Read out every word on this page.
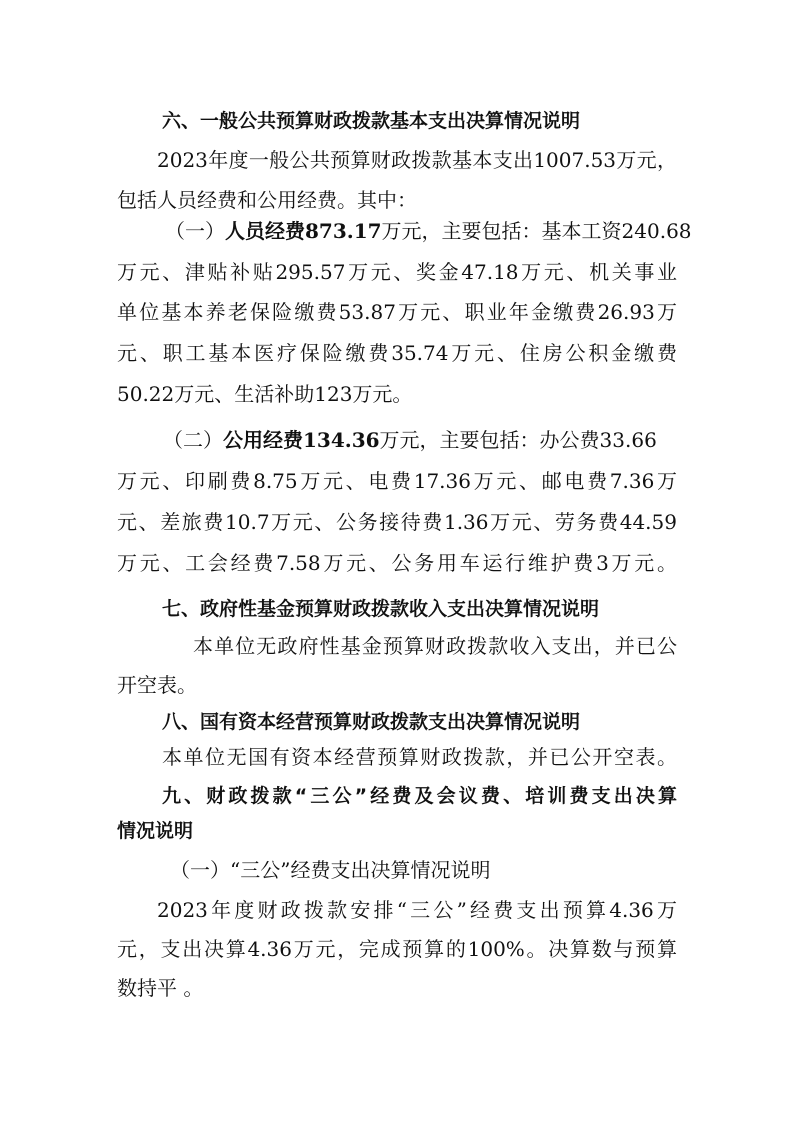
六、一般公共预算财政拨款基本支出决算情况说明
2023年度一般公共预算财政拨款基本支出1007.53万元，
包括人员经费和公用经费。其中：
（一）人员经费873.17万元，主要包括：基本工资240.68
万元、津贴补贴295.57万元、奖金47.18万元、机关事业
单位基本养老保险缴费53.87万元、职业年金缴费26.93万
元、职工基本医疗保险缴费35.74万元、住房公积金缴费
50.22万元、生活补助123万元。
（二）公用经费134.36万元，主要包括：办公费33.66
万元、印刷费8.75万元、电费17.36万元、邮电费7.36万
元、差旅费10.7万元、公务接待费1.36万元、劳务费44.59
万元、工会经费7.58万元、公务用车运行维护费3万元。
七、政府性基金预算财政拨款收入支出决算情况说明
本单位无政府性基金预算财政拨款收入支出，并已公
开空表。
八、国有资本经营预算财政拨款支出决算情况说明
本单位无国有资本经营预算财政拨款，并已公开空表。
九、财政拨款“三公”经费及会议费、培训费支出决算
情况说明
（一）“三公”经费支出决算情况说明
2023年度财政拨款安排“三公”经费支出预算4.36万
元，支出决算4.36万元，完成预算的100%。决算数与预算
数持平 。
